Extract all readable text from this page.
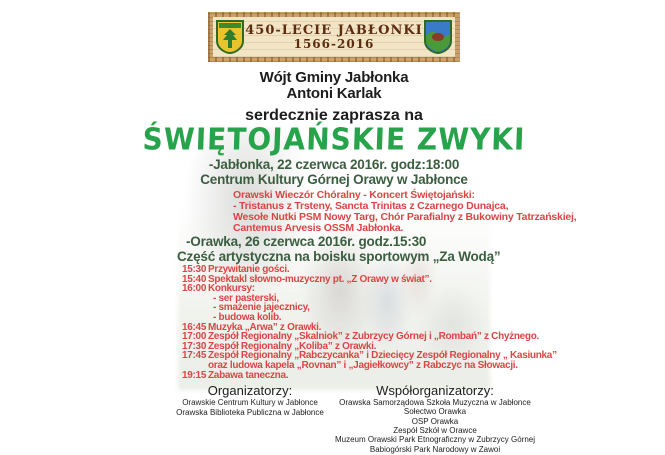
450-LECIE JABŁONKI
1566-2016
Wójt Gminy Jabłonka
Antoni Karlak
serdecznie zaprasza na
ŚWIĘTOJAŃSKIE ZWYKI
-Jabłonka, 22 czerwca 2016r. godz:18:00
Centrum Kultury Górnej Orawy w Jabłonce
Orawski Wieczór Chóralny - Koncert Świętojański:
- Tristanus z Trsteny, Sancta Trinitas z Czarnego Dunajca,
Wesołe Nutki PSM Nowy Targ, Chór Parafialny z Bukowiny Tatrzańskiej,
Cantemus Arvesis OSSM Jabłonka.
-Orawka, 26 czerwca 2016r. godz.15:30
Część artystyczna na boisku sportowym „Za Wodą”
15:30 Przywitanie gości.
15:40 Spektakl słowno-muzyczny pt. „Z Orawy w świat”.
16:00 Konkursy:
- ser pasterski,
- smażenie jajecznicy,
- budowa kolib.
16:45 Muzyka „Arwa” z Orawki.
17:00 Zespół Regionalny „Skalniok” z Zubrzycy Górnej i „Rombań” z Chyżnego.
17:30 Zespół Regionalny „Koliba” z Orawki.
17:45 Zespół Regionalny „Rabczycanka” i Dziecięcy Zespół Regionalny „ Kasiunka”
oraz ludowa kapela „Rovnan” i „Jagiełkowcy” z Rabczyc na Słowacji.
19:15 Zabawa taneczna.
Organizatorzy:
Orawskie Centrum Kultury w Jabłonce
Orawska Biblioteka Publiczna w Jabłonce
Współorganizatorzy:
Orawska Samorządowa Szkoła Muzyczna w Jabłonce
Sołectwo Orawka
OSP Orawka
Zespół Szkół w Orawce
Muzeum Orawski Park Etnograficzny w Zubrzycy Górnej
Babiogórski Park Narodowy w Zawoi
